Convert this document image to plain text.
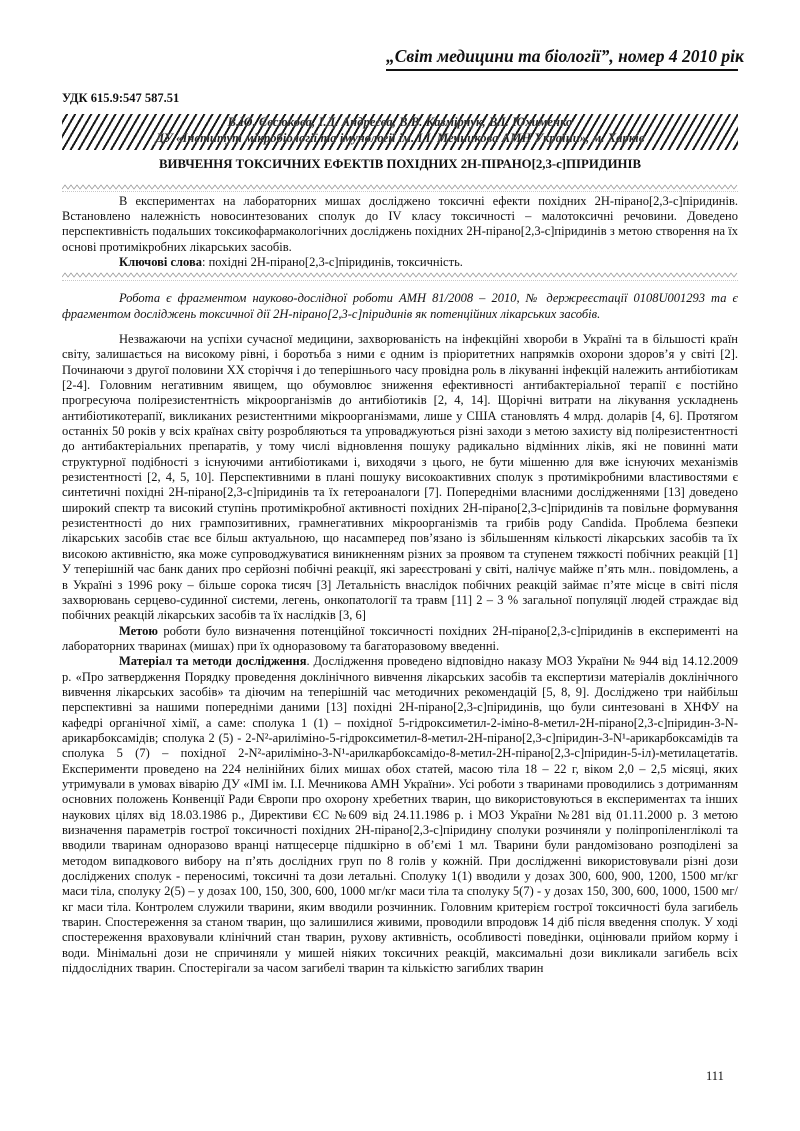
„Світ медицини та біології”, номер 4 2010 рік
УДК 615.9:547 587.51
В.Ю. Євсюкова, І.Д. Андреєва, В.В. Казмірчук, В.І. Юхименко
ДУ «Інститут мікробіології та імунології ім. І.І. Мечникова АМН України», м. Харків
ВИВЧЕННЯ ТОКСИЧНИХ ЕФЕКТІВ ПОХІДНИХ 2H-ПІРАНО[2,3-c]ПІРИДИНІВ

В експериментах на лабораторних мишах досліджено токсичні ефекти похідних 2H-пірано[2,3-c]піридинів. Встановлено належність новосинтезованих сполук до IV класу токсичності – малотоксичні речовини. Доведено перспективність подальших токсикофармакологічних досліджень похідних 2H-пірано[2,3-c]піридинів з метою створення на їх основі протимікробних лікарських засобів.

Ключові слова: похідні 2H-пірано[2,3-c]піридинів, токсичність.

Робота є фрагментом науково-дослідної роботи АМН 81/2008 – 2010, № держреєстації 0108U001293 та є фрагментом досліджень токсичної дії 2H-пірано[2,3-c]піридинів як потенційних лікарських засобів.

Незважаючи на успіхи сучасної медицини, захворюваність на інфекційні хвороби в Україні та в більшості країн світу, залишається на високому рівні, і боротьба з ними є одним із пріоритетних напрямків охорони здоров’я у світі [2]. Починаючи з другої половини XX сторіччя і до теперішнього часу провідна роль в лікуванні інфекцій належить антибіотикам [2-4]. Головним негативним явищем, що обумовлює зниження ефективності антибактеріальної терапії є постійно прогресуюча полірезистентність мікроорганізмів до антибіотиків [2, 4, 14]. Щорічні витрати на лікування ускладнень антибіотикотерапії, викликаних резистентними мікроорганізмами, лише у США становлять 4 млрд. доларів [4, 6]. Протягом останніх 50 років у всіх країнах світу розробляються та упроваджуються різні заходи з метою захисту від полірезистентності до антибактеріальних препаратів, у тому числі відновлення пошуку радикально відмінних ліків, які не повинні мати структурної подібності з існуючими антибіотиками і, виходячи з цього, не бути мішенню для вже існуючих механізмів резистентності [2, 4, 5, 10]. Перспективними в плані пошуку високоактивних сполук з протимікробними властивостями є синтетичні похідні 2H-пірано[2,3-c]піридинів та їх гетероаналоги [7]. Попередніми власними дослідженнями [13] доведено широкий спектр та високий ступінь протимікробної активності похідних 2H-пірано[2,3-c]піридинів та повільне формування резистентності до них грампозитивних, грамнегативних мікроорганізмів та грибів роду Candida. Проблема безпеки лікарських засобів стає все більш актуальною, що насамперед пов’язано із збільшенням кількості лікарських засобів та їх високою активністю, яка може супроводжуватися виникненням різних за проявом та ступенем тяжкості побічних реакцій [1] У теперішній час банк даних про серйозні побічні реакції, які зареєстровані у світі, налічує майже п’ять млн.. повідомлень, а в Україні з 1996 року – більше сорока тисяч [3] Летальність внаслідок побічних реакцій займає п’яте місце в світі після захворювань серцево-судинної системи, легень, онкопатології та травм [11] 2 – 3 % загальної популяції людей страждає від побічних реакцій лікарських засобів та їх наслідків [3, 6]

Метою роботи було визначення потенційної токсичності похідних 2H-пірано[2,3-c]піридинів в експерименті на лабораторних тваринах (мишах) при їх одноразовому та багаторазовому введенні.

Матеріал та методи дослідження. Дослідження проведено відповідно наказу МОЗ України № 944 від 14.12.2009 р. «Про затвердження Порядку проведення доклінічного вивчення лікарських засобів та експертизи матеріалів доклінічного вивчення лікарських засобів» та діючим на теперішній час методичних рекомендацій [5, 8, 9]. Досліджено три найбільш перспективні за нашими попередніми даними [13] похідні 2H-пірано[2,3-c]піридинів, що були синтезовані в ХНФУ на кафедрі органічної хімії, а саме: сполука 1 (1) – похідної 5-гідроксиметил-2-іміно-8-метил-2H-пірано[2,3-c]піридин-3-N-арикарбоксамідів; сполука 2 (5) - 2-N²-ариліміно-5-гідроксиметил-8-метил-2H-пірано[2,3-c]піридин-3-N¹-арикарбоксамідів та сполука 5 (7) – похідної 2-N²-ариліміно-3-N¹-арилкарбоксамідо-8-метил-2H-пірано[2,3-c]піридин-5-іл)-метилацетатів. Експерименти проведено на 224 нелінійних білих мишах обох статей, масою тіла 18 – 22 г, віком 2,0 – 2,5 місяці, яких утримували в умовах віварію ДУ «ІМІ ім. І.І. Мечникова АМН України». Усі роботи з тваринами проводились з дотриманням основних положень Конвенції Ради Європи про охорону хребетних тварин, що використовуються в експериментах та інших наукових цілях від 18.03.1986 р., Директиви ЄС №609 від 24.11.1986 р. і МОЗ України №281 від 01.11.2000 р. З метою визначення параметрів гострої токсичності похідних 2H-пірано[2,3-c]піридину сполуки розчиняли у поліпропіленгліколі та вводили тваринам одноразово вранці натщесерце підшкірно в об’ємі 1 мл. Тварини були рандомізовано розподілені за методом випадкового вибору на п’ять дослідних груп по 8 голів у кожній. При дослідженні використовували різні дози досліджених сполук - переносимі, токсичні та дози летальні. Сполуку 1(1) вводили у дозах 300, 600, 900, 1200, 1500 мг/кг маси тіла, сполуку 2(5) – у дозах 100, 150, 300, 600, 1000 мг/кг маси тіла та сполуку 5(7) - у дозах 150, 300, 600, 1000, 1500 мг/кг маси тіла. Контролем служили тварини, яким вводили розчинник. Головним критерієм гострої токсичності була загибель тварин. Спостереження за станом тварин, що залишилися живими, проводили впродовж 14 діб після введення сполук. У ході спостереження враховували клінічний стан тварин, рухову активність, особливості поведінки, оцінювали прийом корму і води. Мінімальні дози не спричиняли у мишей ніяких токсичних реакцій, максимальні дози викликали загибель всіх піддослідних тварин. Спостерігали за часом загибелі тварин та кількістю загиблих тварин

111
